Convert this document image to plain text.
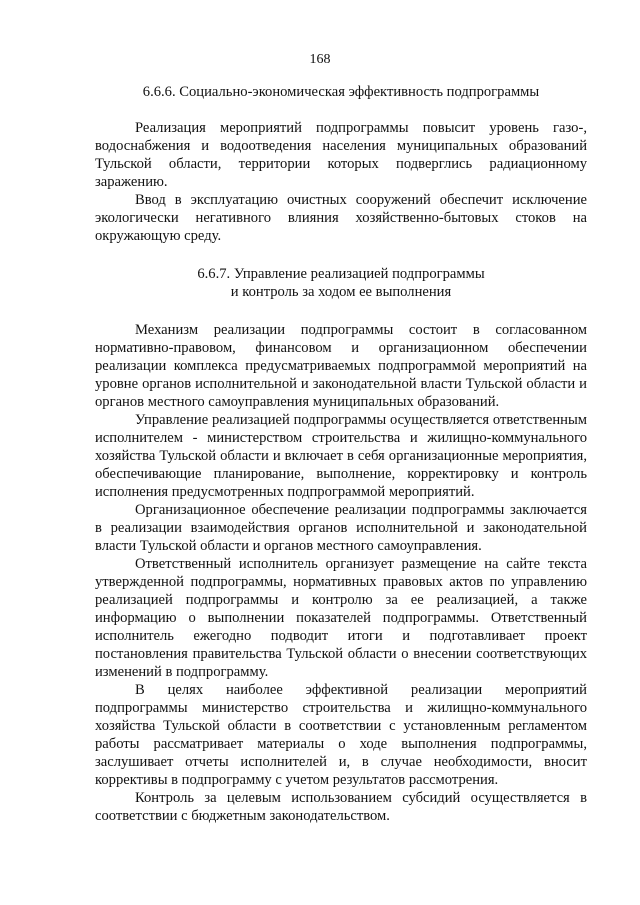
168
6.6.6. Социально-экономическая эффективность подпрограммы

Реализация мероприятий подпрограммы повысит уровень газо-, водоснабжения и водоотведения населения муниципальных образований Тульской области, территории которых подверглись радиационному заражению.

Ввод в эксплуатацию очистных сооружений обеспечит исключение экологически негативного влияния хозяйственно-бытовых стоков на окружающую среду.

6.6.7. Управление реализацией подпрограммы
и контроль за ходом ее выполнения

Механизм реализации подпрограммы состоит в согласованном нормативно-правовом, финансовом и организационном обеспечении реализации комплекса предусматриваемых подпрограммой мероприятий на уровне органов исполнительной и законодательной власти Тульской области и органов местного самоуправления муниципальных образований.

Управление реализацией подпрограммы осуществляется ответственным исполнителем - министерством строительства и жилищно-коммунального хозяйства Тульской области и включает в себя организационные мероприятия, обеспечивающие планирование, выполнение, корректировку и контроль исполнения предусмотренных подпрограммой мероприятий.

Организационное обеспечение реализации подпрограммы заключается в реализации взаимодействия органов исполнительной и законодательной власти Тульской области и органов местного самоуправления.

Ответственный исполнитель организует размещение на сайте текста утвержденной подпрограммы, нормативных правовых актов по управлению реализацией подпрограммы и контролю за ее реализацией, а также информацию о выполнении показателей подпрограммы. Ответственный исполнитель ежегодно подводит итоги и подготавливает проект постановления правительства Тульской области о внесении соответствующих изменений в подпрограмму.

В целях наиболее эффективной реализации мероприятий подпрограммы министерство строительства и жилищно-коммунального хозяйства Тульской области в соответствии с установленным регламентом работы рассматривает материалы о ходе выполнения подпрограммы, заслушивает отчеты исполнителей и, в случае необходимости, вносит коррективы в подпрограмму с учетом результатов рассмотрения.

Контроль за целевым использованием субсидий осуществляется в соответствии с бюджетным законодательством.
